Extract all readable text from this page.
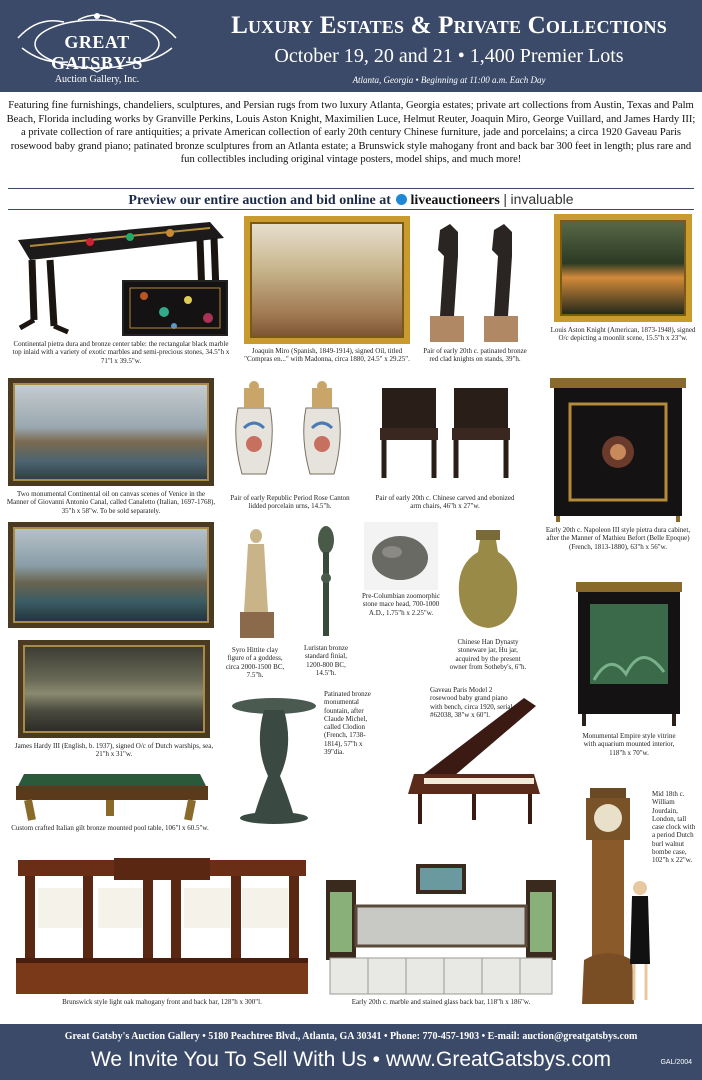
GREAT GATSBY'S
Auction Gallery, Inc.
Luxury Estates & Private Collections
October 19, 20 and 21 • 1,400 Premier Lots
Atlanta, Georgia • Beginning at 11:00 a.m. Each Day
Featuring fine furnishings, chandeliers, sculptures, and Persian rugs from two luxury Atlanta, Georgia estates; private art collections from Austin, Texas and Palm Beach, Florida including works by Granville Perkins, Louis Aston Knight, Maximilien Luce, Helmut Reuter, Joaquin Miro, George Vuillard, and James Hardy III; a private collection of rare antiquities; a private American collection of early 20th century Chinese furniture, jade and porcelains; a circa 1920 Gaveau Paris rosewood baby grand piano; patinated bronze sculptures from an Atlanta estate; a Brunswick style mahogany front and back bar 300 feet in length; plus rare and fun collectibles including original vintage posters, model ships, and much more!
Preview our entire auction and bid online at liveauctioneers | invaluable
Continental pietra dura and bronze center table: the rectangular black marble top inlaid with a variety of exotic marbles and semi-precious stones, 34.5"h x 71"l x 39.5"w.
Joaquin Miro (Spanish, 1849-1914), signed Oil, titled "Compras en..." with Madonna, circa 1880, 24.5" x 29.25".
Pair of early 20th c. patinated bronze red clad knights on stands, 39"h.
Louis Aston Knight (American, 1873-1948), signed O/c depicting a moonlit scene, 15.5"h x 23"w.
Two monumental Continental oil on canvas scenes of Venice in the Manner of Giovanni Antonio Canal, called Canaletto (Italian, 1697-1768), 35"h x 58"w. To be sold separately.
Pair of early Republic Period Rose Canton lidded porcelain urns, 14.5"h.
Pair of early 20th c. Chinese carved and ebonized arm chairs, 46"h x 27"w.
Early 20th c. Napoleon III style pietra dura cabinet, after the Manner of Mathieu Befort (Belle Epoque) (French, 1813-1880), 63"h x 56"w.
Syro Hittite clay figure of a goddess, circa 2000-1500 BC, 7.5"h.
Luristan bronze standard finial, 1200-800 BC, 14.5"h.
Pre-Columbian zoomorphic stone mace head, 700-1000 A.D., 1.75"h x 2.25"w.
Chinese Han Dynasty stoneware jar, Hu jar, acquired by the present owner from Sotheby's, 6"h.
Monumental Empire style vitrine with aquarium mounted interior, 118"h x 70"w.
James Hardy III (English, b. 1937), signed O/c of Dutch warships, sea, 21"h x 31"w.
Patinated bronze monumental fountain, after Claude Michel, called Clodion (French, 1738-1814), 57"h x 39"dia.
Gaveau Paris Model 2 rosewood baby grand piano with bench, circa 1920, serial #62038, 38"w x 60"l.
Custom crafted Italian gilt bronze mounted pool table, 106"l x 60.5"w.
Mid 18th c. William Jourdain, London, tall case clock with a period Dutch burl walnut bombe case, 102"h x 22"w.
Brunswick style light oak mahogany front and back bar, 128"h x 300"l.	Early 20th c. marble and stained glass back bar, 118"h x 186"w.
Great Gatsby's Auction Gallery • 5180 Peachtree Blvd., Atlanta, GA 30341 • Phone: 770-457-1903 • E-mail: auction@greatgatsbys.com
We Invite You To Sell With Us • www.GreatGatsbys.com	GAL/2004
